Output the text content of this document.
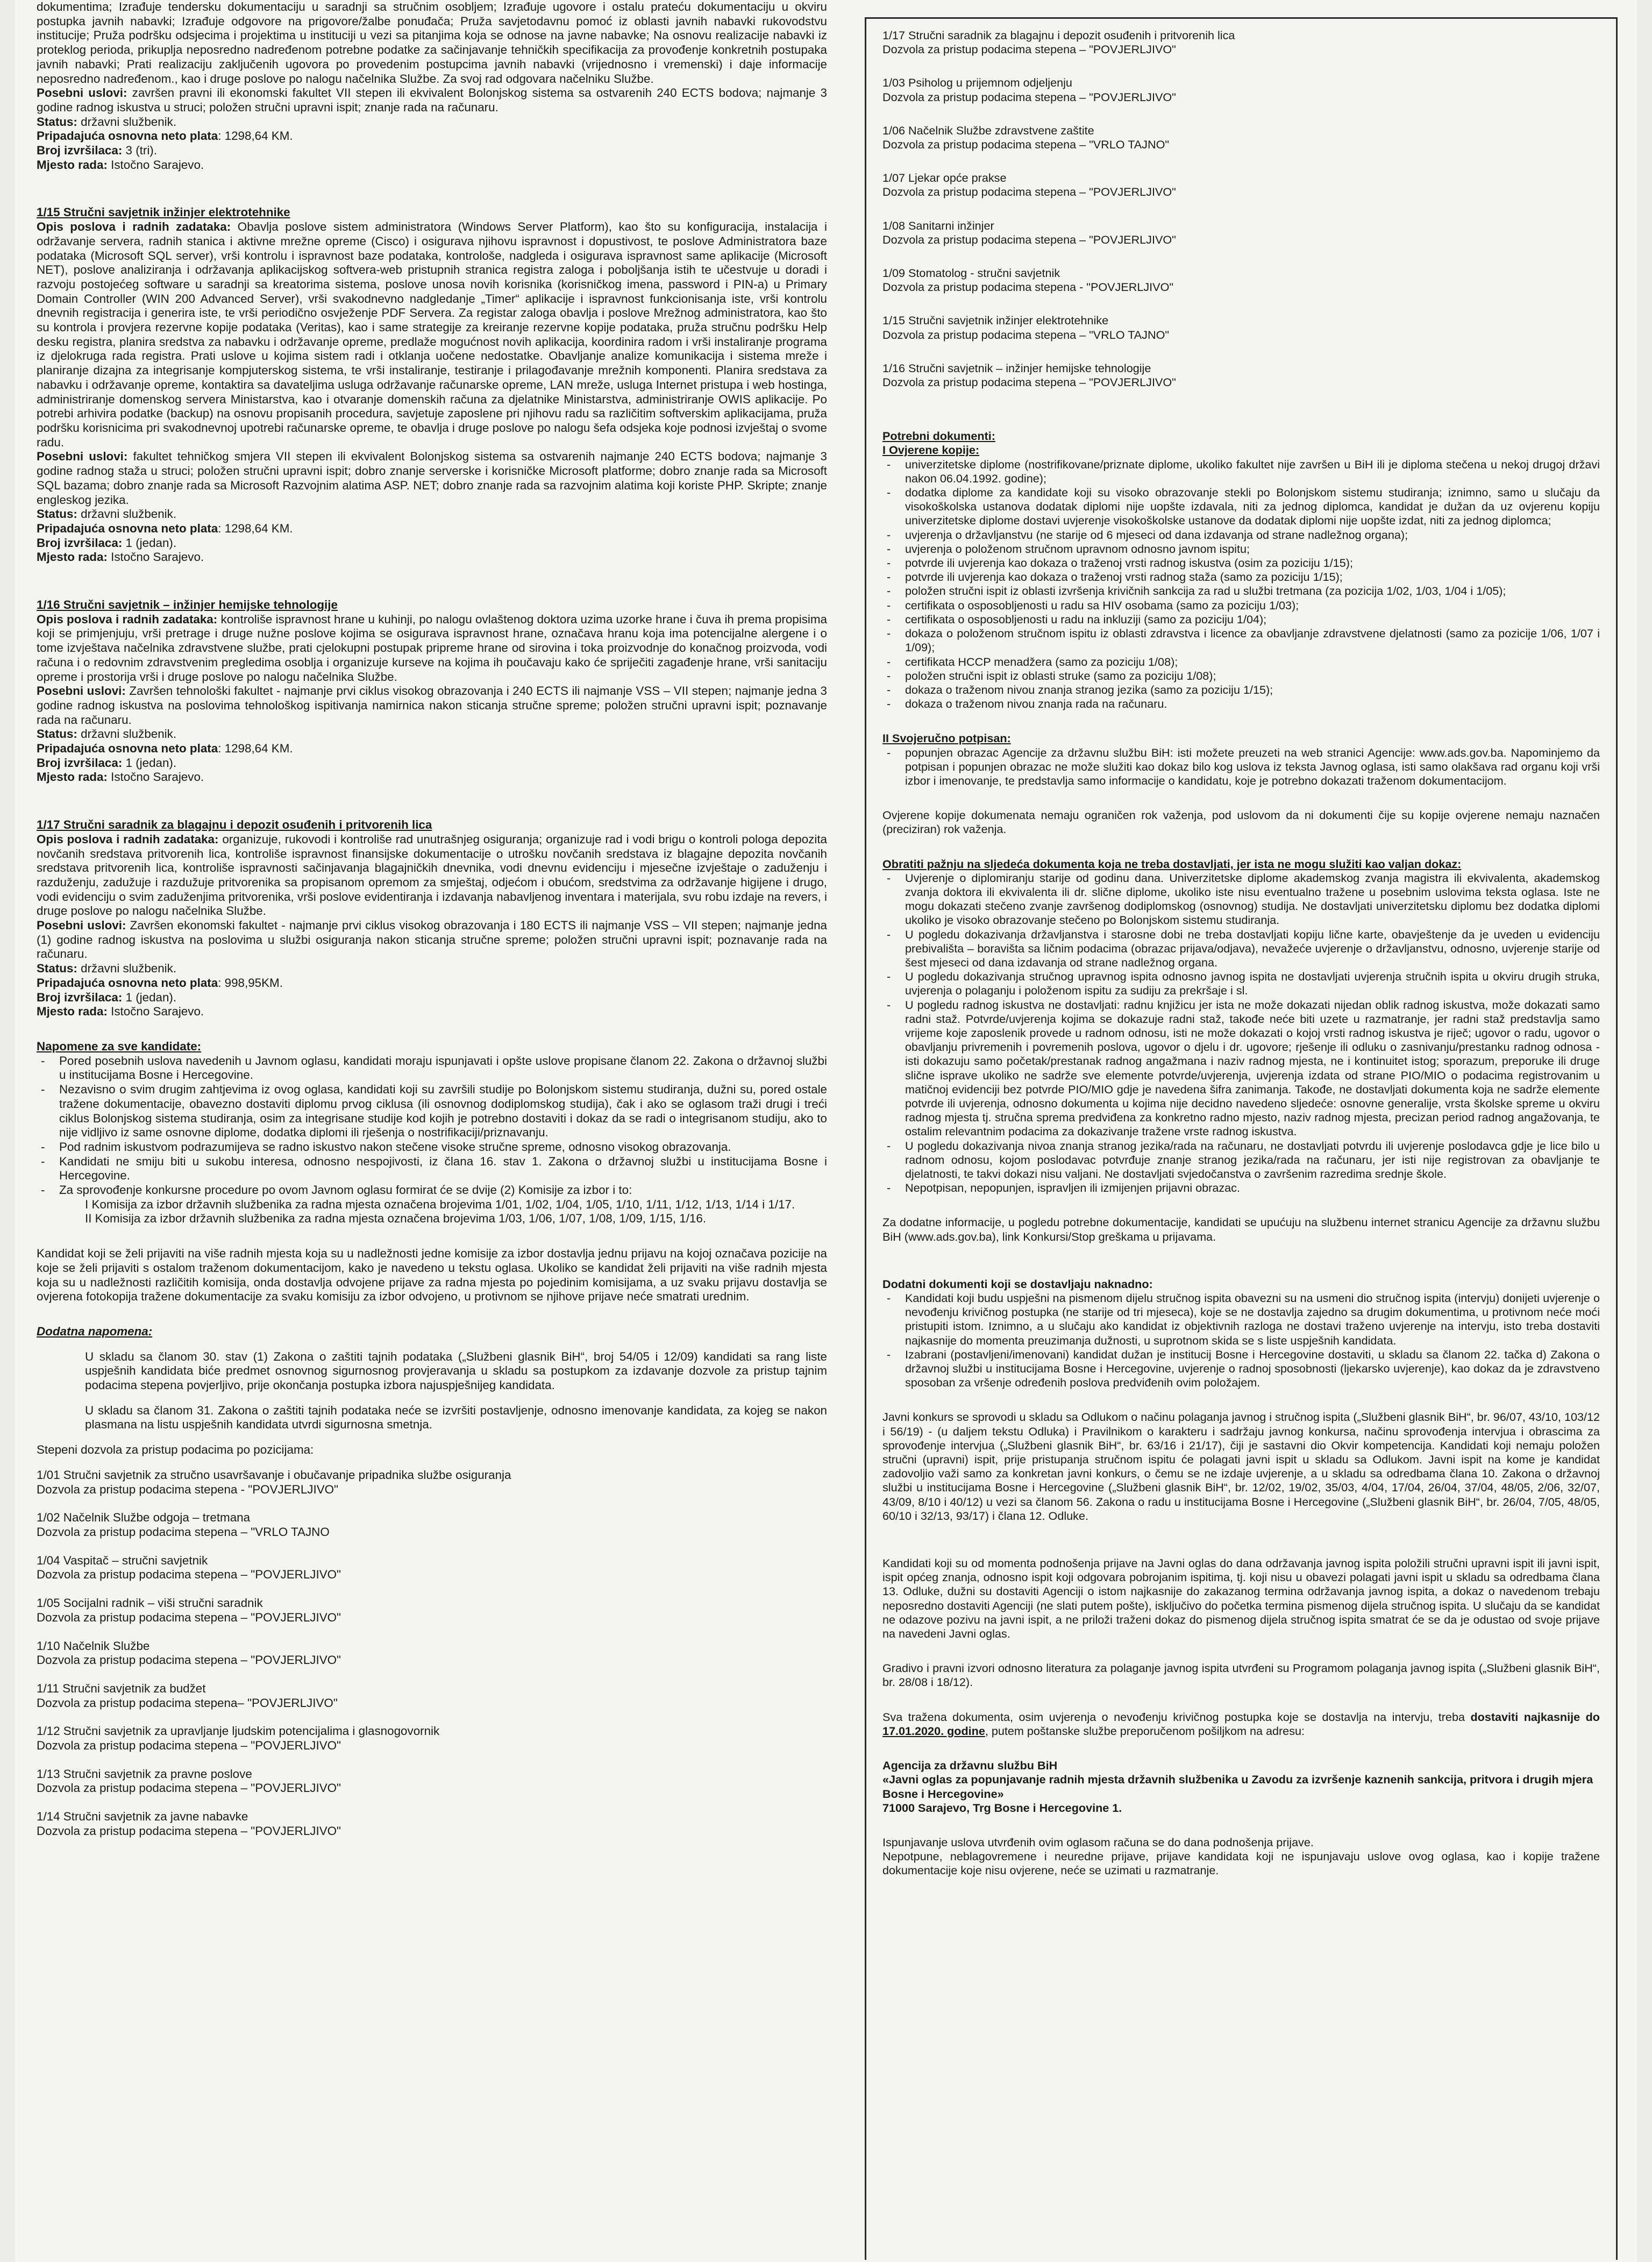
dokumentima; Izrađuje tendersku dokumentaciju u saradnji sa stručnim osobljem; Izrađuje ugovore i ostalu prateću dokumentaciju u okviru postupka javnih nabavki; Izrađuje odgovore na prigovore/žalbe ponuđača; Pruža savjetodavnu pomoć iz oblasti javnih nabavki rukovodstvu institucije; Pruža podršku odsjecima i projektima u instituciji u vezi sa pitanjima koja se odnose na javne nabavke; Na osnovu realizacije nabavki iz proteklog perioda, prikuplja neposredno nadređenom potrebne podatke za sačinjavanje tehničkih specifikacija za provođenje konkretnih postupaka javnih nabavki; Prati realizaciju zaključenih ugovora po provedenim postupcima javnih nabavki (vrijednosno i vremenski) i daje informacije neposredno nadređenom., kao i druge poslove po nalogu načelnika Službe. Za svoj rad odgovara načelniku Službe.

Posebni uslovi: završen pravni ili ekonomski fakultet VII stepen ili ekvivalent Bolonjskog sistema sa ostvarenih 240 ECTS bodova; najmanje 3 godine radnog iskustva u struci; položen stručni upravni ispit; znanje rada na računaru.

Status: državni službenik.

Pripadajuća osnovna neto plata: 1298,64 KM.

Broj izvršilaca: 3 (tri).

Mjesto rada: Istočno Sarajevo.

1/15 Stručni savjetnik inžinjer elektrotehnike

Opis poslova i radnih zadataka: Obavlja poslove sistem administratora (Windows Server Platform), kao što su konfiguracija, instalacija i održavanje servera, radnih stanica i aktivne mrežne opreme (Cisco) i osigurava njihovu ispravnost i dopustivost, te poslove Administratora baze podataka (Microsoft SQL server), vrši kontrolu i ispravnost baze podataka, kontrološe, nadgleda i osigurava ispravnost same aplikacije (Microsoft NET), poslove analiziranja i održavanja aplikacijskog softvera-web pristupnih stranica registra zaloga i poboljšanja istih te učestvuje u doradi i razvoju postojećeg software u saradnji sa kreatorima sistema, poslove unosa novih korisnika (korisničkog imena, password i PIN-a) u Primary Domain Controller (WIN 200 Advanced Server), vrši svakodnevno nadgledanje „Timer“ aplikacije i ispravnost funkcionisanja iste, vrši kontrolu dnevnih registracija i generira iste, te vrši periodično osvježenje PDF Servera. Za registar zaloga obavlja i poslove Mrežnog administratora, kao što su kontrola i provjera rezervne kopije podataka (Veritas), kao i same strategije za kreiranje rezervne kopije podataka, pruža stručnu podršku Help desku registra, planira sredstva za nabavku i održavanje opreme, predlaže mogućnost novih aplikacija, koordinira radom i vrši instaliranje programa iz djelokruga rada registra. Prati uslove u kojima sistem radi i otklanja uočene nedostatke. Obavljanje analize komunikacija i sistema mreže i planiranje dizajna za integrisanje kompjuterskog sistema, te vrši instaliranje, testiranje i prilagođavanje mrežnih komponenti. Planira sredstava za nabavku i održavanje opreme, kontaktira sa davateljima usluga održavanje računarske opreme, LAN mreže, usluga Internet pristupa i web hostinga, administriranje domenskog servera Ministarstva, kao i otvaranje domenskih računa za djelatnike Ministarstva, administriranje OWIS aplikacije. Po potrebi arhivira podatke (backup) na osnovu propisanih procedura, savjetuje zaposlene pri njihovu radu sa različitim softverskim aplikacijama, pruža podršku korisnicima pri svakodnevnoj upotrebi računarske opreme, te obavlja i druge poslove po nalogu šefa odsjeka koje podnosi izvještaj o svome radu.

Posebni uslovi: fakultet tehničkog smjera VII stepen ili ekvivalent Bolonjskog sistema sa ostvarenih najmanje 240 ECTS bodova; najmanje 3 godine radnog staža u struci; položen stručni upravni ispit; dobro znanje serverske i korisničke Microsoft platforme; dobro znanje rada sa Microsoft SQL bazama; dobro znanje rada sa Microsoft Razvojnim alatima ASP. NET; dobro znanje rada sa razvojnim alatima koji koriste PHP. Skripte; znanje engleskog jezika.

Status: državni službenik.

Pripadajuća osnovna neto plata: 1298,64 KM.

Broj izvršilaca: 1 (jedan).

Mjesto rada: Istočno Sarajevo.

1/16 Stručni savjetnik – inžinjer hemijske tehnologije

Opis poslova i radnih zadataka: kontroliše ispravnost hrane u kuhinji, po nalogu ovlaštenog doktora uzima uzorke hrane i čuva ih prema propisima koji se primjenjuju, vrši pretrage i druge nužne poslove kojima se osigurava ispravnost hrane, označava hranu koja ima potencijalne alergene i o tome izvještava načelnika zdravstvene službe, prati cjelokupni postupak pripreme hrane od sirovina i toka proizvodnje do konačnog proizvoda, vodi računa i o redovnim zdravstvenim pregledima osoblja i organizuje kurseve na kojima ih poučavaju kako će spriječiti zagađenje hrane, vrši sanitaciju opreme i prostorija vrši i druge poslove po nalogu načelnika Službe.

Posebni uslovi: Završen tehnološki fakultet - najmanje prvi ciklus visokog obrazovanja i 240 ECTS ili najmanje VSS – VII stepen; najmanje jedna 3 godine radnog iskustva na poslovima tehnološkog ispitivanja namirnica nakon sticanja stručne spreme; položen stručni upravni ispit; poznavanje rada na računaru.

Status: državni službenik.

Pripadajuća osnovna neto plata: 1298,64 KM.

Broj izvršilaca: 1 (jedan).

Mjesto rada: Istočno Sarajevo.

1/17 Stručni saradnik za blagajnu i depozit osuđenih i pritvorenih lica

Opis poslova i radnih zadataka: organizuje, rukovodi i kontroliše rad unutrašnjeg osiguranja; organizuje rad i vodi brigu o kontroli pologa depozita novčanih sredstava pritvorenih lica, kontroliše ispravnost finansijske dokumentacije o utrošku novčanih sredstava iz blagajne depozita novčanih sredstava pritvorenih lica, kontroliše ispravnosti sačinjavanja blagajničkih dnevnika, vodi dnevnu evidenciju i mjesečne izvještaje o zaduženju i razduženju, zadužuje i razdužuje pritvorenika sa propisanom opremom za smještaj, odjećom i obućom, sredstvima za održavanje higijene i drugo, vodi evidenciju o svim zaduženjima pritvorenika, vrši poslove evidentiranja i izdavanja nabavljenog inventara i materijala, svu robu izdaje na revers, i druge poslove po nalogu načelnika Službe.

Posebni uslovi: Završen ekonomski fakultet - najmanje prvi ciklus visokog obrazovanja i 180 ECTS ili najmanje VSS – VII stepen; najmanje jedna (1) godine radnog iskustva na poslovima u službi osiguranja nakon sticanja stručne spreme; položen stručni upravni ispit; poznavanje rada na računaru.

Status: državni službenik.

Pripadajuća osnovna neto plata: 998,95KM.

Broj izvršilaca: 1 (jedan).

Mjesto rada: Istočno Sarajevo.

Napomene za sve kandidate:

- Pored posebnih uslova navedenih u Javnom oglasu, kandidati moraju ispunjavati i opšte uslove propisane članom 22. Zakona o državnoj službi u institucijama Bosne i Hercegovine.
- Nezavisno o svim drugim zahtjevima iz ovog oglasa, kandidati koji su završili studije po Bolonjskom sistemu studiranja, dužni su, pored ostale tražene dokumentacije, obavezno dostaviti diplomu prvog ciklusa (ili osnovnog dodiplomskog studija), čak i ako se oglasom traži drugi i treći ciklus Bolonjskog sistema studiranja, osim za integrisane studije kod kojih je potrebno dostaviti i dokaz da se radi o integrisanom studiju, ako to nije vidljivo iz same osnovne diplome, dodatka diplomi ili rješenja o nostrifikaciji/priznavanju.
- Pod radnim iskustvom podrazumijeva se radno iskustvo nakon stečene visoke stručne spreme, odnosno visokog obrazovanja.
- Kandidati ne smiju biti u sukobu interesa, odnosno nespojivosti, iz člana 16. stav 1. Zakona o državnoj službi u institucijama Bosne i Hercegovine.
- Za sprovođenje konkursne procedure po ovom Javnom oglasu formirat će se dvije (2) Komisije za izbor i to:

I Komisija za izbor državnih službenika za radna mjesta označena brojevima 1/01, 1/02, 1/04, 1/05, 1/10, 1/11, 1/12, 1/13, 1/14 i 1/17.

II Komisija za izbor državnih službenika za radna mjesta označena brojevima 1/03, 1/06, 1/07, 1/08, 1/09, 1/15, 1/16.

Kandidat koji se želi prijaviti na više radnih mjesta koja su u nadležnosti jedne komisije za izbor dostavlja jednu prijavu na kojoj označava pozicije na koje se želi prijaviti s ostalom traženom dokumentacijom, kako je navedeno u tekstu oglasa. Ukoliko se kandidat želi prijaviti na više radnih mjesta koja su u nadležnosti različitih komisija, onda dostavlja odvojene prijave za radna mjesta po pojedinim komisijama, a uz svaku prijavu dostavlja se ovjerena fotokopija tražene dokumentacije za svaku komisiju za izbor odvojeno, u protivnom se njihove prijave neće smatrati urednim.

Dodatna napomena:

U skladu sa članom 30. stav (1) Zakona o zaštiti tajnih podataka („Službeni glasnik BiH“, broj 54/05 i 12/09) kandidati sa rang liste uspješnih kandidata biće predmet osnovnog sigurnosnog provjeravanja u skladu sa postupkom za izdavanje dozvole za pristup tajnim podacima stepena povjerljivo, prije okončanja postupka izbora najuspješnijeg kandidata.

U skladu sa članom 31. Zakona o zaštiti tajnih podataka neće se izvršiti postavljenje, odnosno imenovanje kandidata, za kojeg se nakon plasmana na listu uspješnih kandidata utvrdi sigurnosna smetnja.

Stepeni dozvola za pristup podacima po pozicijama:

1/01 Stručni savjetnik za stručno usavršavanje i obučavanje pripadnika službe osiguranja

Dozvola za pristup podacima stepena - "POVJERLJIVO"

1/02 Načelnik Službe odgoja – tretmana

Dozvola za pristup podacima stepena – "VRLO TAJNO

1/04 Vaspitač – stručni savjetnik

Dozvola za pristup podacima stepena – "POVJERLJIVO"

1/05 Socijalni radnik – viši stručni saradnik

Dozvola za pristup podacima stepena – "POVJERLJIVO"

1/10 Načelnik Službe

Dozvola za pristup podacima stepena – "POVJERLJIVO"

1/11 Stručni savjetnik za budžet

Dozvola za pristup podacima stepena– "POVJERLJIVO"

1/12 Stručni savjetnik za upravljanje ljudskim potencijalima i glasnogovornik

Dozvola za pristup podacima stepena – "POVJERLJIVO"

1/13 Stručni savjetnik za pravne poslove

Dozvola za pristup podacima stepena – "POVJERLJIVO"

1/14 Stručni savjetnik za javne nabavke

Dozvola za pristup podacima stepena – "POVJERLJIVO"

1/17 Stručni saradnik za blagajnu i depozit osuđenih i pritvorenih lica

Dozvola za pristup podacima stepena – "POVJERLJIVO"

1/03 Psiholog u prijemnom odjeljenju

Dozvola za pristup podacima stepena – "POVJERLJIVO"

1/06 Načelnik Službe zdravstvene zaštite

Dozvola za pristup podacima stepena – "VRLO TAJNO"

1/07 Ljekar opće prakse

Dozvola za pristup podacima stepena – "POVJERLJIVO"

1/08 Sanitarni inžinjer

Dozvola za pristup podacima stepena – "POVJERLJIVO"

1/09 Stomatolog - stručni savjetnik

Dozvola za pristup podacima stepena - "POVJERLJIVO"

1/15 Stručni savjetnik inžinjer elektrotehnike

Dozvola za pristup podacima stepena – "VRLO TAJNO"

1/16 Stručni savjetnik – inžinjer hemijske tehnologije

Dozvola za pristup podacima stepena – "POVJERLJIVO"

Potrebni dokumenti:

I Ovjerene kopije:

- univerzitetske diplome (nostrifikovane/priznate diplome, ukoliko fakultet nije završen u BiH ili je diploma stečena u nekoj drugoj državi nakon 06.04.1992. godine);
- dodatka diplome za kandidate koji su visoko obrazovanje stekli po Bolonjskom sistemu studiranja; iznimno, samo u slučaju da visokoškolska ustanova dodatak diplomi nije uopšte izdavala, niti za jednog diplomca, kandidat je dužan da uz ovjerenu kopiju univerzitetske diplome dostavi uvjerenje visokoškolske ustanove da dodatak diplomi nije uopšte izdat, niti za jednog diplomca;
- uvjerenja o državljanstvu (ne starije od 6 mjeseci od dana izdavanja od strane nadležnog organa);
- uvjerenja o položenom stručnom upravnom odnosno javnom ispitu;
- potvrde ili uvjerenja kao dokaza o traženoj vrsti radnog iskustva (osim za poziciju 1/15);
- potvrde ili uvjerenja kao dokaza o traženoj vrsti radnog staža (samo za poziciju 1/15);
- položen stručni ispit iz oblasti izvršenja krivičnih sankcija za rad u službi tretmana (za pozicija 1/02, 1/03, 1/04 i 1/05);
- certifikata o osposobljenosti u radu sa HIV osobama (samo za poziciju 1/03);
- certifikata o osposobljenosti u radu na inkluziji (samo za poziciju 1/04);
- dokaza o položenom stručnom ispitu iz oblasti zdravstva i licence za obavljanje zdravstvene djelatnosti (samo za pozicije 1/06, 1/07 i 1/09);
- certifikata HCCP menadžera (samo za poziciju 1/08);
- položen stručni ispit iz oblasti struke (samo za poziciju 1/08);
- dokaza o traženom nivou znanja stranog jezika (samo za poziciju 1/15);
- dokaza o traženom nivou znanja rada na računaru.

II Svojeručno potpisan:

- popunjen obrazac Agencije za državnu službu BiH: isti možete preuzeti na web stranici Agencije: www.ads.gov.ba. Napominjemo da potpisan i popunjen obrazac ne može služiti kao dokaz bilo kog uslova iz teksta Javnog oglasa, isti samo olakšava rad organu koji vrši izbor i imenovanje, te predstavlja samo informacije o kandidatu, koje je potrebno dokazati traženom dokumentacijom.

Ovjerene kopije dokumenata nemaju ograničen rok važenja, pod uslovom da ni dokumenti čije su kopije ovjerene nemaju naznačen (preciziran) rok važenja.

Obratiti pažnju na sljedeća dokumenta koja ne treba dostavljati, jer ista ne mogu služiti kao valjan dokaz:

- Uvjerenje o diplomiranju starije od godinu dana. Univerzitetske diplome akademskog zvanja magistra ili ekvivalenta, akademskog zvanja doktora ili ekvivalenta ili dr. slične diplome, ukoliko iste nisu eventualno tražene u posebnim uslovima teksta oglasa. Iste ne mogu dokazati stečeno zvanje završenog dodiplomskog (osnovnog) studija. Ne dostavljati univerzitetsku diplomu bez dodatka diplomi ukoliko je visoko obrazovanje stečeno po Bolonjskom sistemu studiranja.
- U pogledu dokazivanja državljanstva i starosne dobi ne treba dostavljati kopiju lične karte, obavještenje da je uveden u evidenciju prebivališta – boravišta sa ličnim podacima (obrazac prijava/odjava), nevažeće uvjerenje o državljanstvu, odnosno, uvjerenje starije od šest mjeseci od dana izdavanja od strane nadležnog organa.
- U pogledu dokazivanja stručnog upravnog ispita odnosno javnog ispita ne dostavljati uvjerenja stručnih ispita u okviru drugih struka, uvjerenja o polaganju i položenom ispitu za sudiju za prekršaje i sl.
- U pogledu radnog iskustva ne dostavljati: radnu knjižicu jer ista ne može dokazati nijedan oblik radnog iskustva, može dokazati samo radni staž. Potvrde/uvjerenja kojima se dokazuje radni staž, takođe neće biti uzete u razmatranje, jer radni staž predstavlja samo vrijeme koje zaposlenik provede u radnom odnosu, isti ne može dokazati o kojoj vrsti radnog iskustva je riječ; ugovor o radu, ugovor o obavljanju privremenih i povremenih poslova, ugovor o djelu i dr. ugovore; rješenje ili odluku o zasnivanju/prestanku radnog odnosa - isti dokazuju samo početak/prestanak radnog angažmana i naziv radnog mjesta, ne i kontinuitet istog; sporazum, preporuke ili druge slične isprave ukoliko ne sadrže sve elemente potvrde/uvjerenja, uvjerenja izdata od strane PIO/MIO o podacima registrovanim u matičnoj evidenciji bez potvrde PIO/MIO gdje je navedena šifra zanimanja. Takođe, ne dostavljati dokumenta koja ne sadrže elemente potvrde ili uvjerenja, odnosno dokumenta u kojima nije decidno navedeno sljedeće: osnovne generalije, vrsta školske spreme u okviru radnog mjesta tj. stručna sprema predviđena za konkretno radno mjesto, naziv radnog mjesta, precizan period radnog angažovanja, te ostalim relevantnim podacima za dokazivanje tražene vrste radnog iskustva.
- U pogledu dokazivanja nivoa znanja stranog jezika/rada na računaru, ne dostavljati potvrdu ili uvjerenje poslodavca gdje je lice bilo u radnom odnosu, kojom poslodavac potvrđuje znanje stranog jezika/rada na računaru, jer isti nije registrovan za obavljanje te djelatnosti, te takvi dokazi nisu valjani. Ne dostavljati svjedočanstva o završenim razredima srednje škole.
- Nepotpisan, nepopunjen, ispravljen ili izmijenjen prijavni obrazac.

Za dodatne informacije, u pogledu potrebne dokumentacije, kandidati se upućuju na službenu internet stranicu Agencije za državnu službu BiH (www.ads.gov.ba), link Konkursi/Stop greškama u prijavama.

Dodatni dokumenti koji se dostavljaju naknadno:

- Kandidati koji budu uspješni na pismenom dijelu stručnog ispita obavezni su na usmeni dio stručnog ispita (intervju) donijeti uvjerenje o nevođenju krivičnog postupka (ne starije od tri mjeseca), koje se ne dostavlja zajedno sa drugim dokumentima, u protivnom neće moći pristupiti istom. Iznimno, a u slučaju ako kandidat iz objektivnih razloga ne dostavi traženo uvjerenje na intervju, isto treba dostaviti najkasnije do momenta preuzimanja dužnosti, u suprotnom skida se s liste uspješnih kandidata.
- Izabrani (postavljeni/imenovani) kandidat dužan je institucij Bosne i Hercegovine dostaviti, u skladu sa članom 22. tačka d) Zakona o državnoj službi u institucijama Bosne i Hercegovine, uvjerenje o radnoj sposobnosti (ljekarsko uvjerenje), kao dokaz da je zdravstveno sposoban za vršenje određenih poslova predviđenih ovim položajem.

Javni konkurs se sprovodi u skladu sa Odlukom o načinu polaganja javnog i stručnog ispita („Službeni glasnik BiH“, br. 96/07, 43/10, 103/12 i 56/19) - (u daljem tekstu Odluka) i Pravilnikom o karakteru i sadržaju javnog konkursa, načinu sprovođenja intervjua i obrascima za sprovođenje intervjua („Službeni glasnik BiH“, br. 63/16 i 21/17), čiji je sastavni dio Okvir kompetencija. Kandidati koji nemaju položen stručni (upravni) ispit, prije pristupanja stručnom ispitu će polagati javni ispit u skladu sa Odlukom. Javni ispit na kome je kandidat zadovoljio važi samo za konkretan javni konkurs, o čemu se ne izdaje uvjerenje, a u skladu sa odredbama člana 10. Zakona o državnoj službi u institucijama Bosne i Hercegovine („Službeni glasnik BiH“, br. 12/02, 19/02, 35/03, 4/04, 17/04, 26/04, 37/04, 48/05, 2/06, 32/07, 43/09, 8/10 i 40/12) u vezi sa članom 56. Zakona o radu u institucijama Bosne i Hercegovine („Službeni glasnik BiH“, br. 26/04, 7/05, 48/05, 60/10 i 32/13, 93/17) i člana 12. Odluke.

Kandidati koji su od momenta podnošenja prijave na Javni oglas do dana održavanja javnog ispita položili stručni upravni ispit ili javni ispit, ispit općeg znanja, odnosno ispit koji odgovara pobrojanim ispitima, tj. koji nisu u obavezi polagati javni ispit u skladu sa odredbama člana 13. Odluke, dužni su dostaviti Agenciji o istom najkasnije do zakazanog termina održavanja javnog ispita, a dokaz o navedenom trebaju neposredno dostaviti Agenciji (ne slati putem pošte), isključivo do početka termina pismenog dijela stručnog ispita. U slučaju da se kandidat ne odazove pozivu na javni ispit, a ne priloži traženi dokaz do pismenog dijela stručnog ispita smatrat će se da je odustao od svoje prijave na navedeni Javni oglas.

Gradivo i pravni izvori odnosno literatura za polaganje javnog ispita utvrđeni su Programom polaganja javnog ispita („Službeni glasnik BiH“, br. 28/08 i 18/12).

Sva tražena dokumenta, osim uvjerenja o nevođenju krivičnog postupka koje se dostavlja na intervju, treba dostaviti najkasnije do 17.01.2020. godine, putem poštanske službe preporučenom pošiljkom na adresu:

Agencija za državnu službu BiH

«Javni oglas za popunjavanje radnih mjesta državnih službenika u Zavodu za izvršenje kaznenih sankcija, pritvora i drugih mjera Bosne i Hercegovine»

71000 Sarajevo, Trg Bosne i Hercegovine 1.

Ispunjavanje uslova utvrđenih ovim oglasom računa se do dana podnošenja prijave.

Nepotpune, neblagovremene i neuredne prijave, prijave kandidata koji ne ispunjavaju uslove ovog oglasa, kao i kopije tražene dokumentacije koje nisu ovjerene, neće se uzimati u razmatranje.
